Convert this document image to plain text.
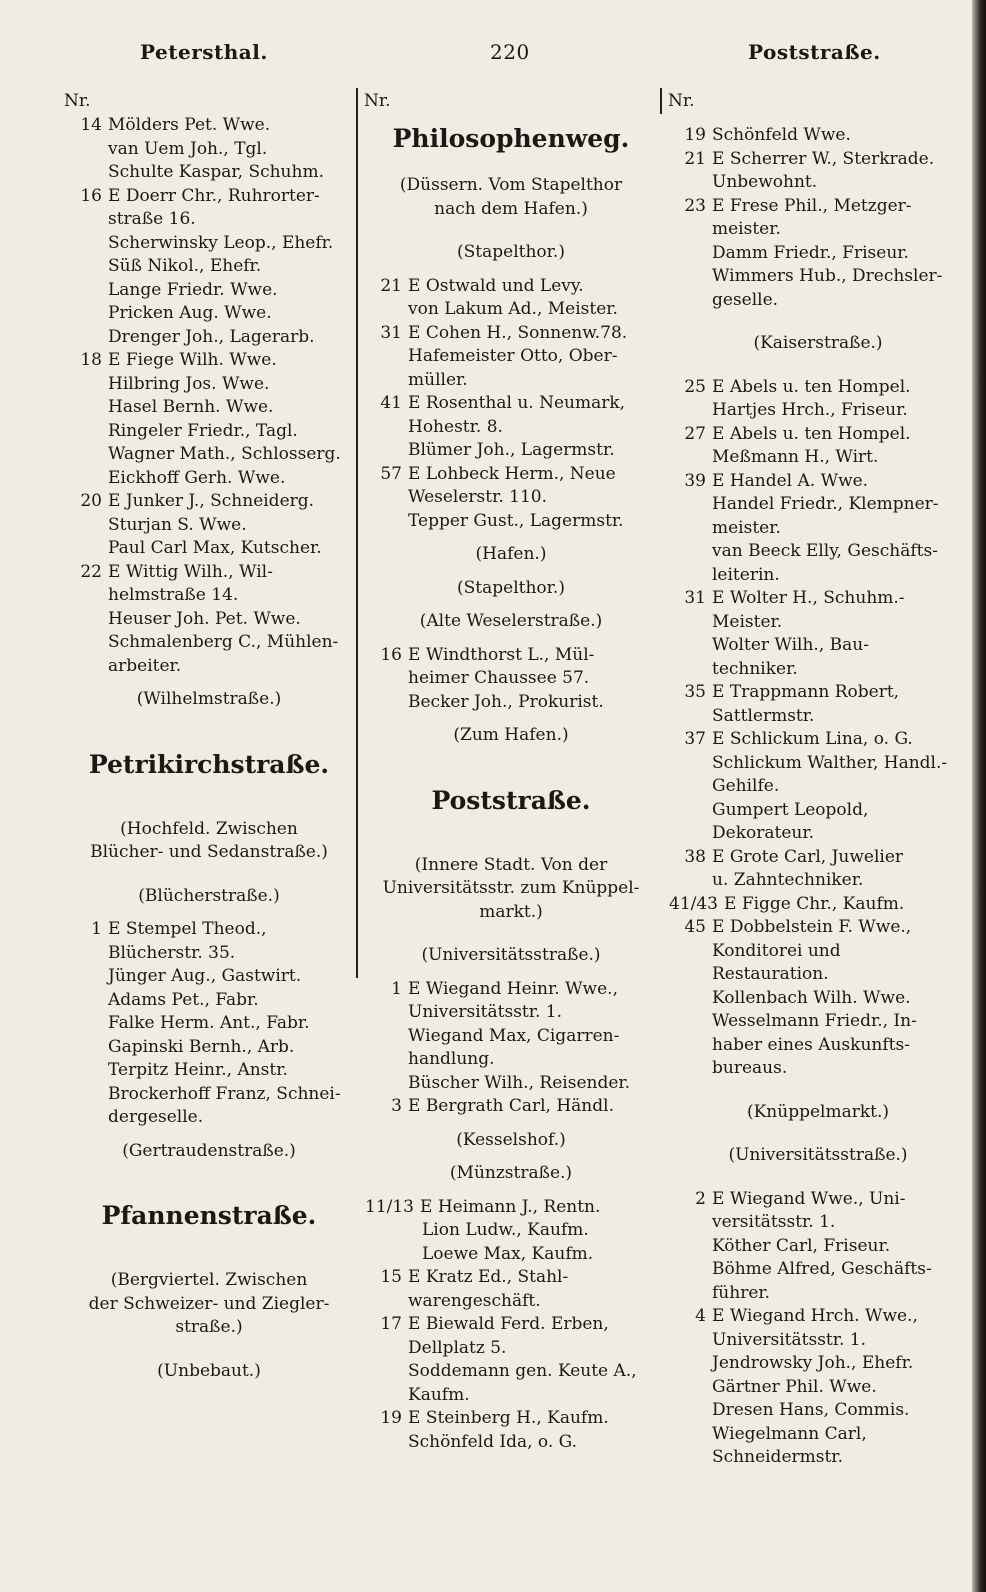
Petersthal.	220	Poststraße.
Nr.
14 Mölders Pet. Wwe.
van Uem Joh., Tgl.
Schulte Kaspar, Schuhm.
16 E Doerr Chr., Ruhrorter-
straße 16.
Scherwinsky Leop., Ehefr.
Süß Nikol., Ehefr.
Lange Friedr. Wwe.
Pricken Aug. Wwe.
Drenger Joh., Lagerarb.
18 E Fiege Wilh. Wwe.
Hilbring Jos. Wwe.
Hasel Bernh. Wwe.
Ringeler Friedr., Tagl.
Wagner Math., Schlosserg.
Eickhoff Gerh. Wwe.
20 E Junker J., Schneiderg.
Sturjan S. Wwe.
Paul Carl Max, Kutscher.
22 E Wittig Wilh., Wil-
helmstraße 14.
Heuser Joh. Pet. Wwe.
Schmalenberg C., Mühlen-
arbeiter.
(Wilhelmstraße.)
Petrikirchstraße.
(Hochfeld. Zwischen
Blücher- und Sedanstraße.)
(Blücherstraße.)
1 E Stempel Theod.,
Blücherstr. 35.
Jünger Aug., Gastwirt.
Adams Pet., Fabr.
Falke Herm. Ant., Fabr.
Gapinski Bernh., Arb.
Terpitz Heinr., Anstr.
Brockerhoff Franz, Schnei-
dergeselle.
(Gertraudenstraße.)
Pfannenstraße.
(Bergviertel. Zwischen
der Schweizer- und Ziegler-
straße.)
(Unbebaut.)
Nr.
Philosophenweg.
(Düssern. Vom Stapelthor
nach dem Hafen.)
(Stapelthor.)
21 E Ostwald und Levy.
von Lakum Ad., Meister.
31 E Cohen H., Sonnenw.78.
Hafemeister Otto, Ober-
müller.
41 E Rosenthal u. Neumark,
Hohestr. 8.
Blümer Joh., Lagermstr.
57 E Lohbeck Herm., Neue
Weselerstr. 110.
Tepper Gust., Lagermstr.
(Hafen.)
(Stapelthor.)
(Alte Weselerstraße.)
16 E Windthorst L., Mül-
heimer Chaussee 57.
Becker Joh., Prokurist.
(Zum Hafen.)
Poststraße.
(Innere Stadt. Von der
Universitätsstr. zum Knüppel-
markt.)
(Universitätsstraße.)
1 E Wiegand Heinr. Wwe.,
Universitätsstr. 1.
Wiegand Max, Cigarren-
handlung.
Büscher Wilh., Reisender.
3 E Bergrath Carl, Händl.
(Kesselshof.)
(Münzstraße.)
11/13 E Heimann J., Rentn.
Lion Ludw., Kaufm.
Loewe Max, Kaufm.
15 E Kratz Ed., Stahl-
warengeschäft.
17 E Biewald Ferd. Erben,
Dellplatz 5.
Soddemann gen. Keute A.,
Kaufm.
19 E Steinberg H., Kaufm.
Schönfeld Ida, o. G.
Nr.
19 Schönfeld Wwe.
21 E Scherrer W., Sterkrade.
Unbewohnt.
23 E Frese Phil., Metzger-
meister.
Damm Friedr., Friseur.
Wimmers Hub., Drechsler-
geselle.
(Kaiserstraße.)
25 E Abels u. ten Hompel.
Hartjes Hrch., Friseur.
27 E Abels u. ten Hompel.
Meßmann H., Wirt.
39 E Handel A. Wwe.
Handel Friedr., Klempner-
meister.
van Beeck Elly, Geschäfts-
leiterin.
31 E Wolter H., Schuhm.-
Meister.
Wolter Wilh., Bau-
techniker.
35 E Trappmann Robert,
Sattlermstr.
37 E Schlickum Lina, o. G.
Schlickum Walther, Handl.-
Gehilfe.
Gumpert Leopold,
Dekorateur.
38 E Grote Carl, Juwelier
u. Zahntechniker.
41/43 E Figge Chr., Kaufm.
45 E Dobbelstein F. Wwe.,
Konditorei und
Restauration.
Kollenbach Wilh. Wwe.
Wesselmann Friedr., In-
haber eines Auskunfts-
bureaus.
(Knüppelmarkt.)
(Universitätsstraße.)
2 E Wiegand Wwe., Uni-
versitätsstr. 1.
Köther Carl, Friseur.
Böhme Alfred, Geschäfts-
führer.
4 E Wiegand Hrch. Wwe.,
Universitätsstr. 1.
Jendrowsky Joh., Ehefr.
Gärtner Phil. Wwe.
Dresen Hans, Commis.
Wiegelmann Carl,
Schneidermstr.
